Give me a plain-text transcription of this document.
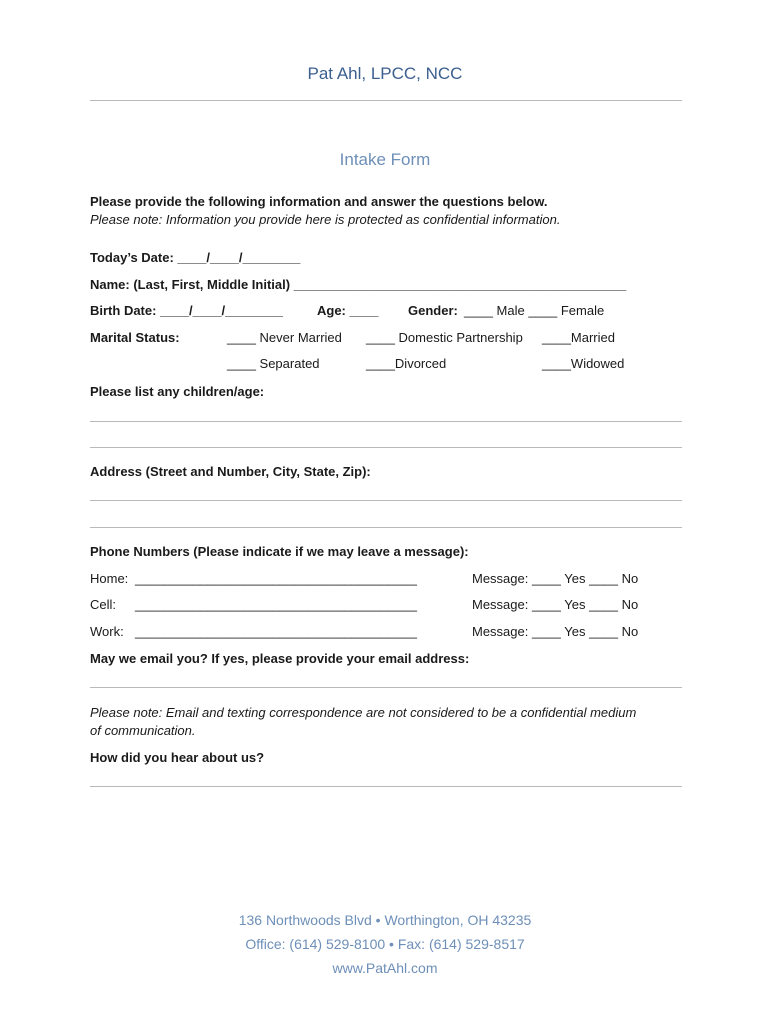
Pat Ahl, LPCC, NCC
Intake Form
Please provide the following information and answer the questions below.
Please note: Information you provide here is protected as confidential information.
Today’s Date: ____/____/________
Name: (Last, First, Middle Initial) ______________________________________________
Birth Date: ____/____/________	Age: ____ Gender: ____ Male ____ Female
Marital Status:	____ Never Married ____ Domestic Partnership ____Married
____ Separated	____Divorced	____Widowed
Please list any children/age:
Address (Street and Number, City, State, Zip):
Phone Numbers (Please indicate if we may leave a message):
Home: _______________________________________	Message: ____ Yes ____ No
Cell: _______________________________________	Message: ____ Yes ____ No
Work: _______________________________________	Message: ____ Yes ____ No
May we email you? If yes, please provide your email address:
Please note: Email and texting correspondence are not considered to be a confidential medium
of communication.
How did you hear about us?
136 Northwoods Blvd • Worthington, OH 43235
Office: (614) 529-8100 • Fax: (614) 529-8517
www.PatAhl.com
